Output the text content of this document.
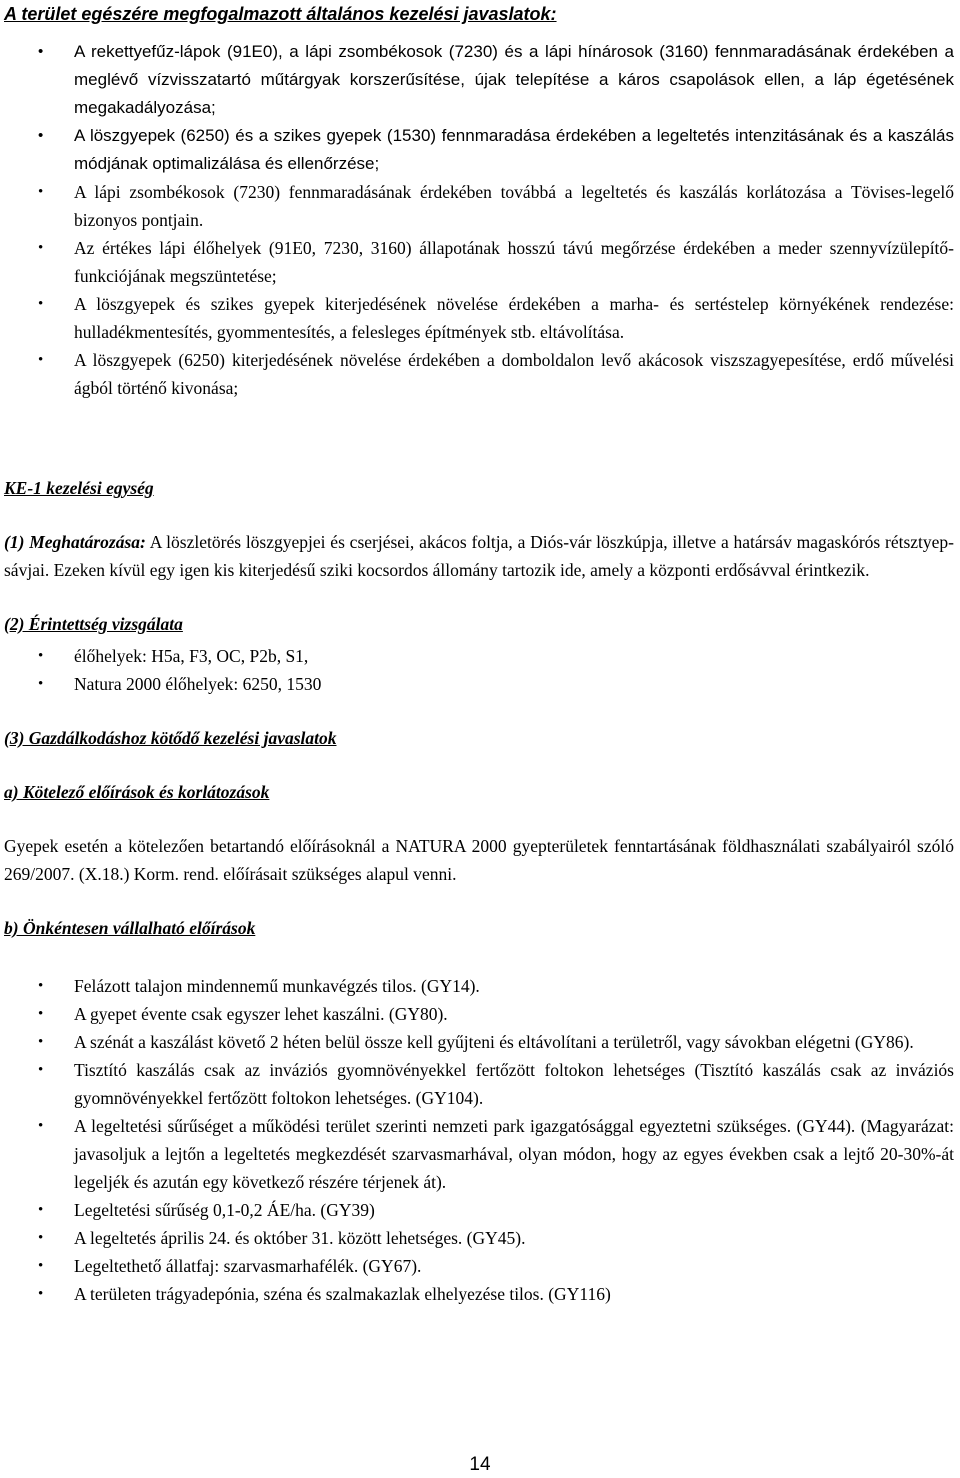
A terület egészére megfogalmazott általános kezelési javaslatok:
• A rekettyefűz-lápok (91E0), a lápi zsombékosok (7230) és a lápi hínárosok (3160) fennmaradásának érdekében a meglévő vízvisszatartó műtárgyak korszerűsítése, újak telepítése a káros csapolások ellen, a láp égetésének megakadályozása;
• A löszgyepek (6250) és a szikes gyepek (1530) fennmaradása érdekében a legeltetés intenzitásának és a kaszálás módjának optimalizálása és ellenőrzése;
• A lápi zsombékosok (7230) fennmaradásának érdekében továbbá a legeltetés és kaszálás korlátozása a Tövises-legelő bizonyos pontjain.
• Az értékes lápi élőhelyek (91E0, 7230, 3160) állapotának hosszú távú megőrzése érdekében a meder szennyvízülepítő-funkciójának megszüntetése;
• A löszgyepek és szikes gyepek kiterjedésének növelése érdekében a marha- és sertéstelep környékének rendezése: hulladékmentesítés, gyommentesítés, a felesleges építmények stb. eltávolítása.
• A löszgyepek (6250) kiterjedésének növelése érdekében a domboldalon levő akácosok viszszagyepesítése, erdő művelési ágból történő kivonása;

KE-1 kezelési egység

(1) Meghatározása: A löszletörés löszgyepjei és cserjései, akácos foltja, a Diós-vár löszkúpja, illetve a határsáv magaskórós rétsztyep-sávjai. Ezeken kívül egy igen kis kiterjedésű sziki kocsordos állomány tartozik ide, amely a központi erdősávval érintkezik.

(2) Érintettség vizsgálata

• élőhelyek: H5a, F3, OC, P2b, S1,
• Natura 2000 élőhelyek: 6250, 1530

(3) Gazdálkodáshoz kötődő kezelési javaslatok

a) Kötelező előírások és korlátozások

Gyepek esetén a kötelezően betartandó előírásoknál a NATURA 2000 gyepterületek fenntartásának földhasználati szabályairól szóló 269/2007. (X.18.) Korm. rend. előírásait szükséges alapul venni.

b) Önkéntesen vállalható előírások

• Felázott talajon mindennemű munkavégzés tilos. (GY14).
• A gyepet évente csak egyszer lehet kaszálni. (GY80).
• A szénát a kaszálást követő 2 héten belül össze kell gyűjteni és eltávolítani a területről, vagy sávokban elégetni (GY86).
• Tisztító kaszálás csak az inváziós gyomnövényekkel fertőzött foltokon lehetséges (Tisztító kaszálás csak az inváziós gyomnövényekkel fertőzött foltokon lehetséges. (GY104).
• A legeltetési sűrűséget a működési terület szerinti nemzeti park igazgatósággal egyeztetni szükséges. (GY44). (Magyarázat: javasoljuk a lejtőn a legeltetés megkezdését szarvasmarhával, olyan módon, hogy az egyes években csak a lejtő 20-30%-át legeljék és azután egy következő részére térjenek át).
• Legeltetési sűrűség 0,1-0,2 ÁE/ha. (GY39)
• A legeltetés április 24. és október 31. között lehetséges. (GY45).
• Legeltethető állatfaj: szarvasmarhafélék. (GY67).
• A területen trágyadepónia, széna és szalmakazlak elhelyezése tilos. (GY116)
14
